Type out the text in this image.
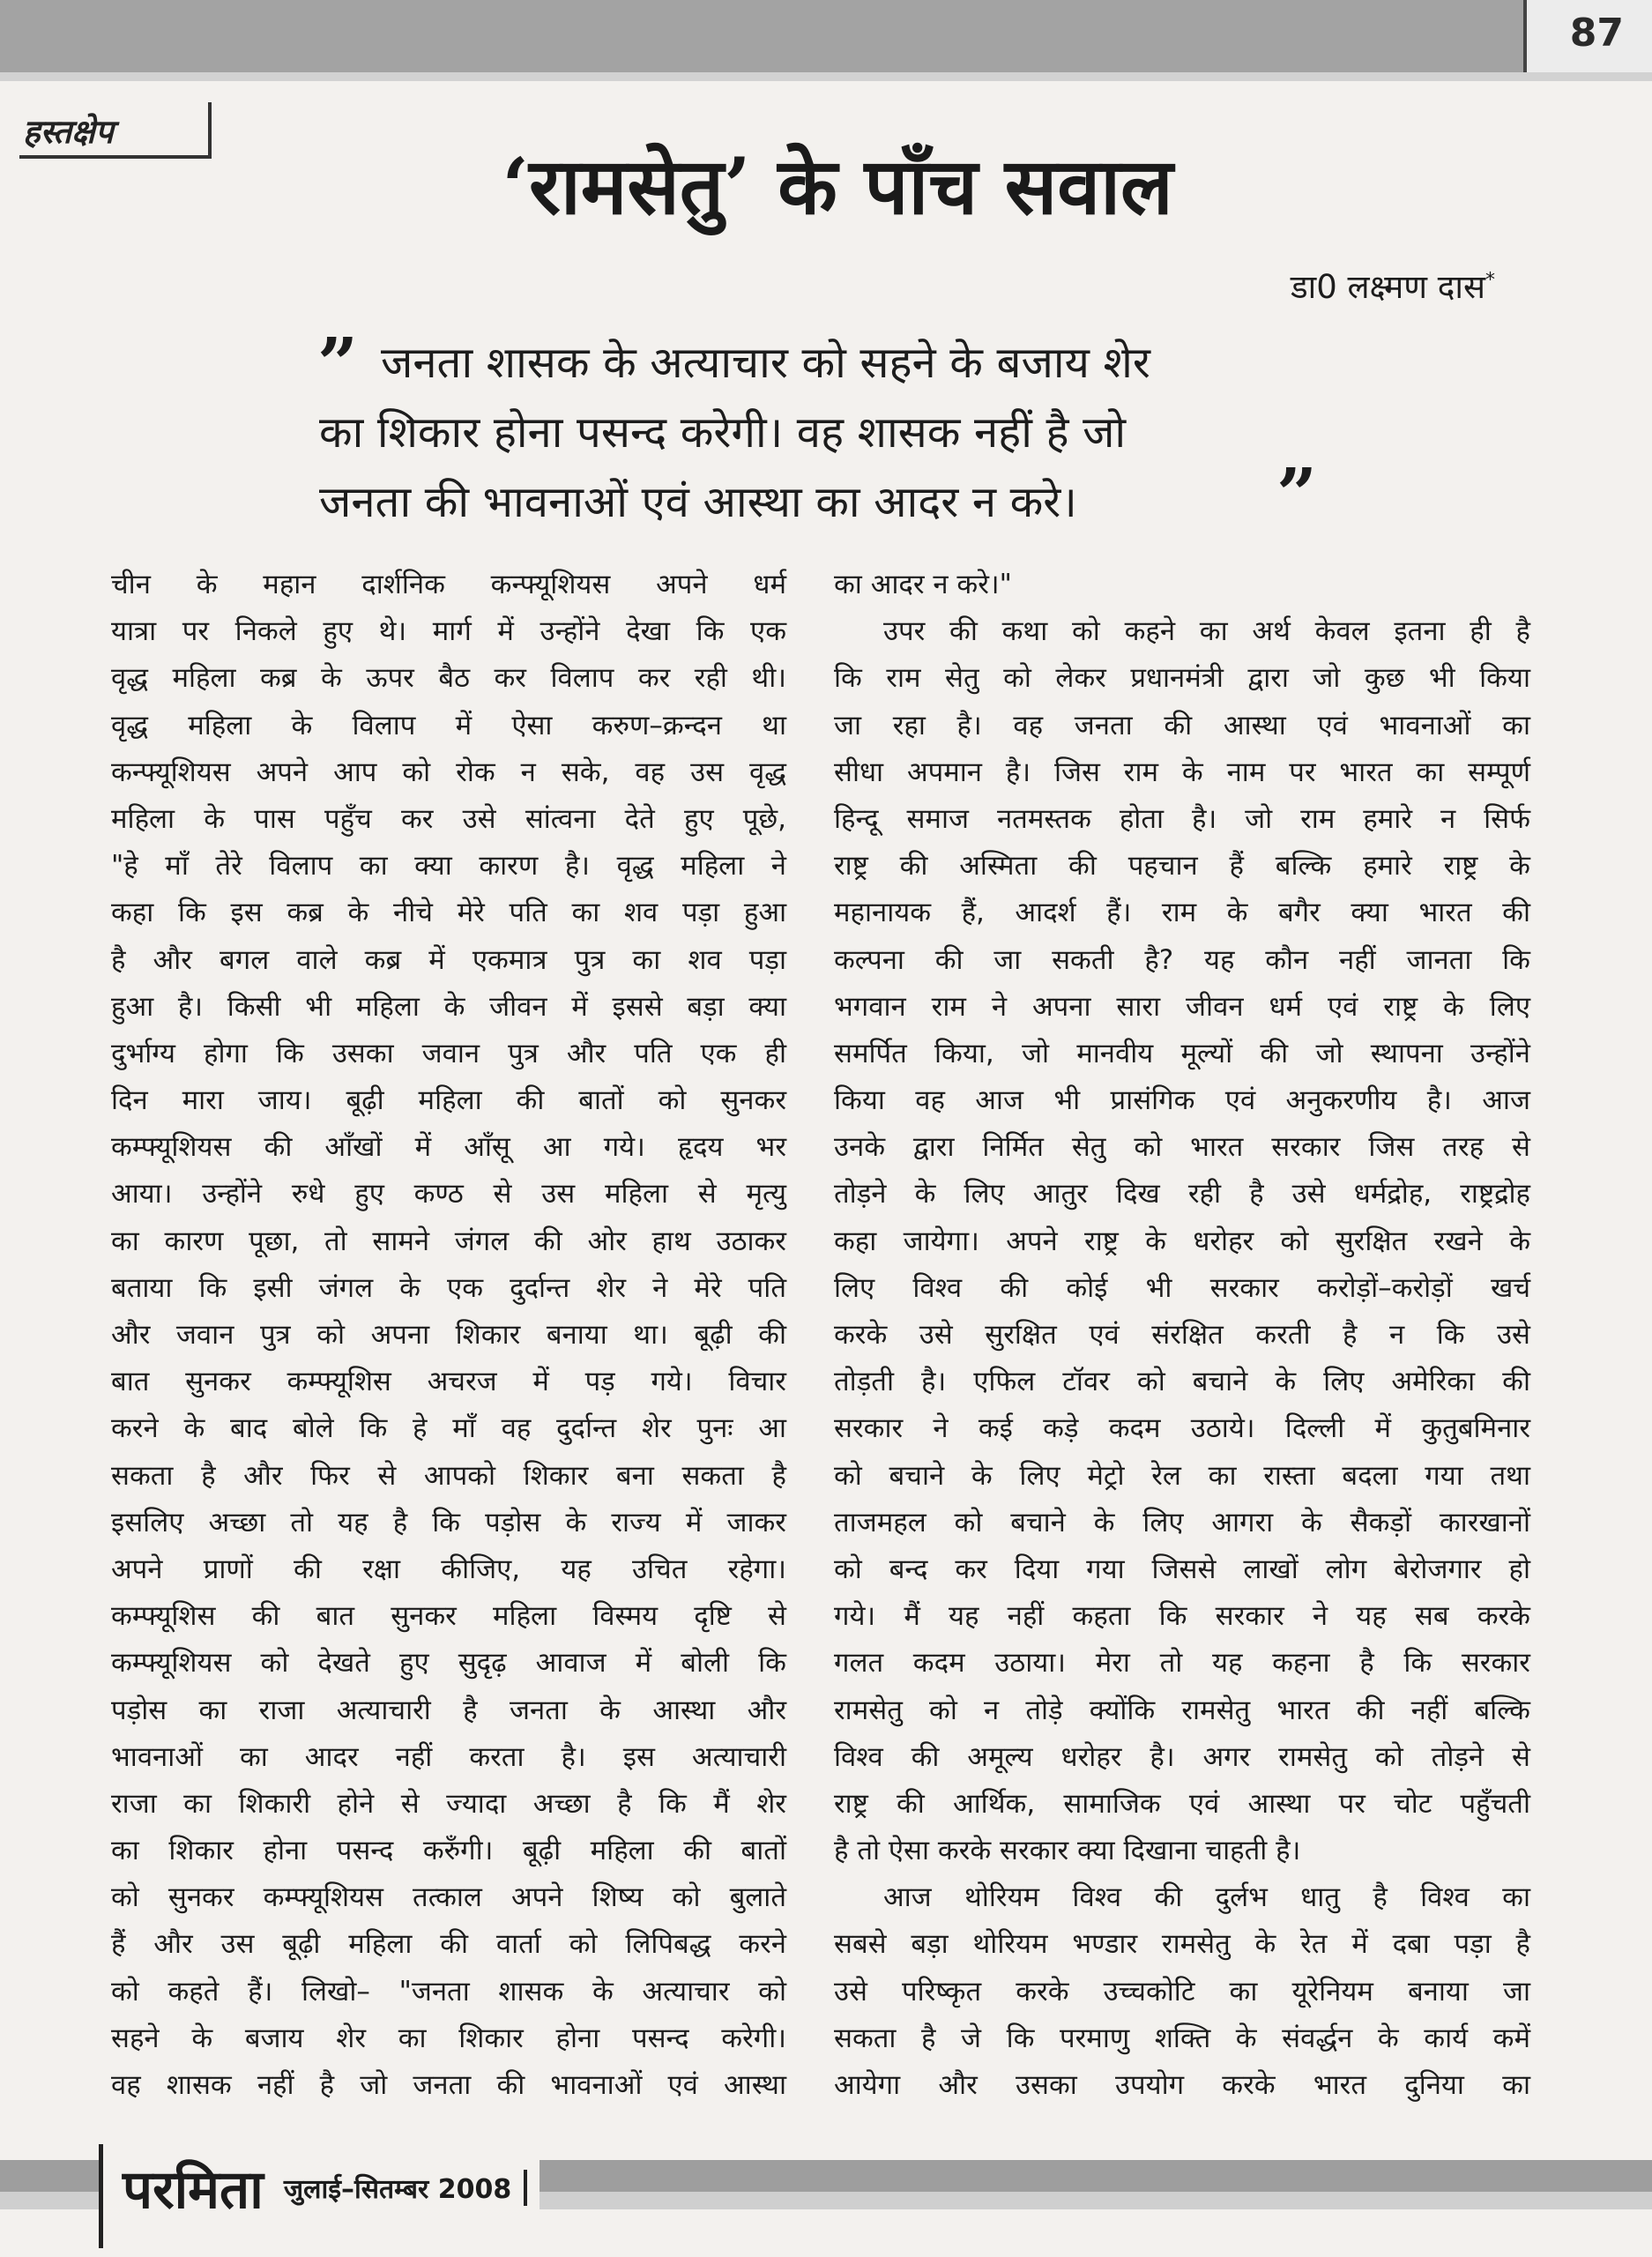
87
हस्तक्षेप
‘रामसेतु’ के पाँच सवाल
डा0 लक्ष्मण दास*
” जनता शासक के अत्याचार को सहने के बजाय शेर
का शिकार होना पसन्द करेगी। वह शासक नहीं है जो
जनता की भावनाओं एवं आस्था का आदर न करे।	”
चीन के महान दार्शनिक कन्फ्यूशियस अपने धर्म
यात्रा पर निकले हुए थे। मार्ग में उन्होंने देखा कि एक
वृद्ध महिला कब्र के ऊपर बैठ कर विलाप कर रही थी।
वृद्ध महिला के विलाप में ऐसा करुण–क्रन्दन था
कन्फ्यूशियस अपने आप को रोक न सके, वह उस वृद्ध
महिला के पास पहुँच कर उसे सांत्वना देते हुए पूछे,
"हे माँ तेरे विलाप का क्या कारण है। वृद्ध महिला ने
कहा कि इस कब्र के नीचे मेरे पति का शव पड़ा हुआ
है और बगल वाले कब्र में एकमात्र पुत्र का शव पड़ा
हुआ है। किसी भी महिला के जीवन में इससे बड़ा क्या
दुर्भाग्य होगा कि उसका जवान पुत्र और पति एक ही
दिन मारा जाय। बूढ़ी महिला की बातों को सुनकर
कम्फ्यूशियस की आँखों में आँसू आ गये। हृदय भर
आया। उन्होंने रुधे हुए कण्ठ से उस महिला से मृत्यु
का कारण पूछा, तो सामने जंगल की ओर हाथ उठाकर
बताया कि इसी जंगल के एक दुर्दान्त शेर ने मेरे पति
और जवान पुत्र को अपना शिकार बनाया था। बूढ़ी की
बात सुनकर कम्फ्यूशिस अचरज में पड़ गये। विचार
करने के बाद बोले कि हे माँ वह दुर्दान्त शेर पुनः आ
सकता है और फिर से आपको शिकार बना सकता है
इसलिए अच्छा तो यह है कि पड़ोस के राज्य में जाकर
अपने प्राणों की रक्षा कीजिए, यह उचित रहेगा।
कम्फ्यूशिस की बात सुनकर महिला विस्मय दृष्टि से
कम्फ्यूशियस को देखते हुए सुदृढ़ आवाज में बोली कि
पड़ोस का राजा अत्याचारी है जनता के आस्था और
भावनाओं का आदर नहीं करता है। इस अत्याचारी
राजा का शिकारी होने से ज्यादा अच्छा है कि मैं शेर
का शिकार होना पसन्द करुँगी। बूढ़ी महिला की बातों
को सुनकर कम्फ्यूशियस तत्काल अपने शिष्य को बुलाते
हैं और उस बूढ़ी महिला की वार्ता को लिपिबद्ध करने
को कहते हैं। लिखो– "जनता शासक के अत्याचार को
सहने के बजाय शेर का शिकार होना पसन्द करेगी।
वह शासक नहीं है जो जनता की भावनाओं एवं आस्था
का आदर न करे।"
उपर की कथा को कहने का अर्थ केवल इतना ही है
कि राम सेतु को लेकर प्रधानमंत्री द्वारा जो कुछ भी किया
जा रहा है। वह जनता की आस्था एवं भावनाओं का
सीधा अपमान है। जिस राम के नाम पर भारत का सम्पूर्ण
हिन्दू समाज नतमस्तक होता है। जो राम हमारे न सिर्फ
राष्ट्र की अस्मिता की पहचान हैं बल्कि हमारे राष्ट्र के
महानायक हैं, आदर्श हैं। राम के बगैर क्या भारत की
कल्पना की जा सकती है? यह कौन नहीं जानता कि
भगवान राम ने अपना सारा जीवन धर्म एवं राष्ट्र के लिए
समर्पित किया, जो मानवीय मूल्यों की जो स्थापना उन्होंने
किया वह आज भी प्रासंगिक एवं अनुकरणीय है। आज
उनके द्वारा निर्मित सेतु को भारत सरकार जिस तरह से
तोड़ने के लिए आतुर दिख रही है उसे धर्मद्रोह, राष्ट्रद्रोह
कहा जायेगा। अपने राष्ट्र के धरोहर को सुरक्षित रखने के
लिए विश्व की कोई भी सरकार करोड़ों–करोड़ों खर्च
करके उसे सुरक्षित एवं संरक्षित करती है न कि उसे
तोड़ती है। एफिल टॉवर को बचाने के लिए अमेरिका की
सरकार ने कई कड़े कदम उठाये। दिल्ली में कुतुबमिनार
को बचाने के लिए मेट्रो रेल का रास्ता बदला गया तथा
ताजमहल को बचाने के लिए आगरा के सैकड़ों कारखानों
को बन्द कर दिया गया जिससे लाखों लोग बेरोजगार हो
गये। मैं यह नहीं कहता कि सरकार ने यह सब करके
गलत कदम उठाया। मेरा तो यह कहना है कि सरकार
रामसेतु को न तोड़े क्योंकि रामसेतु भारत की नहीं बल्कि
विश्व की अमूल्य धरोहर है। अगर रामसेतु को तोड़ने से
राष्ट्र की आर्थिक, सामाजिक एवं आस्था पर चोट पहुँचती
है तो ऐसा करके सरकार क्या दिखाना चाहती है।
आज थोरियम विश्व की दुर्लभ धातु है विश्व का
सबसे बड़ा थोरियम भण्डार रामसेतु के रेत में दबा पड़ा है
उसे परिष्कृत करके उच्चकोटि का यूरेनियम बनाया जा
सकता है जे कि परमाणु शक्ति के संवर्द्धन के कार्य कमें
आयेगा और उसका उपयोग करके भारत दुनिया का
परमिता जुलाई–सितम्बर 2008
